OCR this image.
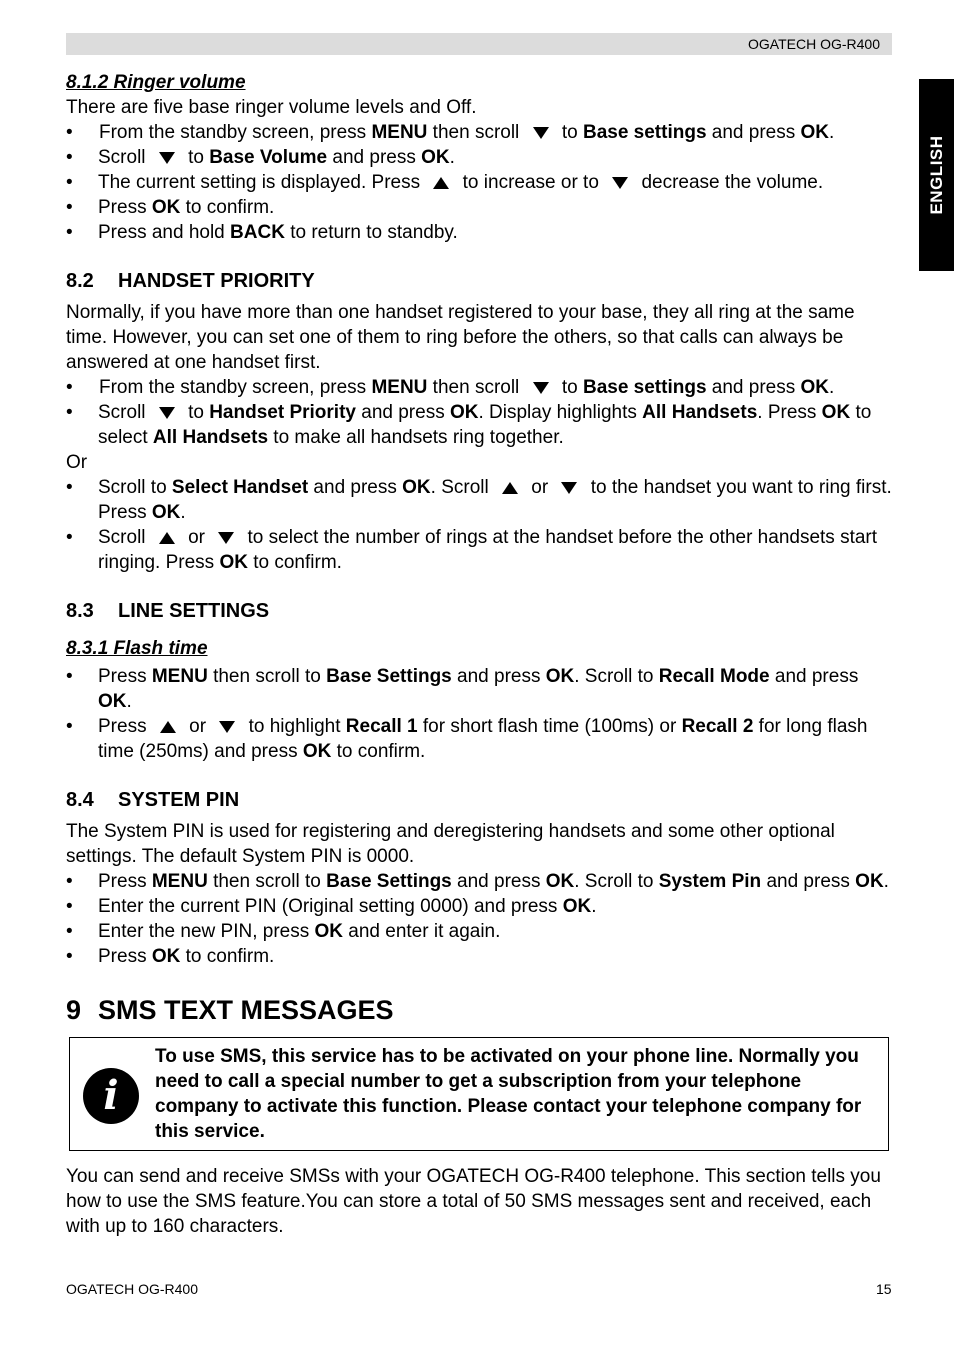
OGATECH OG-R400
ENGLISH

8.1.2 Ringer volume

There are five base ringer volume levels and Off.

• From the standby screen, press MENU then scroll  to Base settings and press OK.
• Scroll  to Base Volume and press OK.
• The current setting is displayed. Press  to increase or to  decrease the volume.
• Press OK to confirm.
• Press and hold BACK to return to standby.

8.2 HANDSET PRIORITY

Normally, if you have more than one handset registered to your base, they all ring at the same time. However, you can set one of them to ring before the others, so that calls can always be answered at one handset first.

• From the standby screen, press MENU then scroll  to Base settings and press OK.
• Scroll  to Handset Priority and press OK. Display highlights All Handsets. Press OK to select All Handsets to make all handsets ring together.

Or

• Scroll to Select Handset and press OK. Scroll  or  to the handset you want to ring first. Press OK.
• Scroll  or  to select the number of rings at the handset before the other handsets start ringing. Press OK to confirm.

8.3 LINE SETTINGS

8.3.1 Flash time

• Press MENU then scroll to Base Settings and press OK. Scroll to Recall Mode and press OK.
• Press  or  to highlight Recall 1 for short flash time (100ms) or Recall 2 for long flash time (250ms) and press OK to confirm.

8.4 SYSTEM PIN

The System PIN is used for registering and deregistering handsets and some other optional settings. The default System PIN is 0000.

• Press MENU then scroll to Base Settings and press OK. Scroll to System Pin and press OK.
• Enter the current PIN (Original setting 0000) and press OK.
• Enter the new PIN, press OK and enter it again.
• Press OK to confirm.

9 SMS TEXT MESSAGES

i

To use SMS, this service has to be activated on your phone line. Normally you need to call a special number to get a subscription from your telephone company to activate this function. Please contact your telephone company for this service.

You can send and receive SMSs with your OGATECH OG-R400 telephone. This section tells you how to use the SMS feature.You can store a total of 50 SMS messages sent and received, each with up to 160 characters.

OGATECH OG-R400	15
